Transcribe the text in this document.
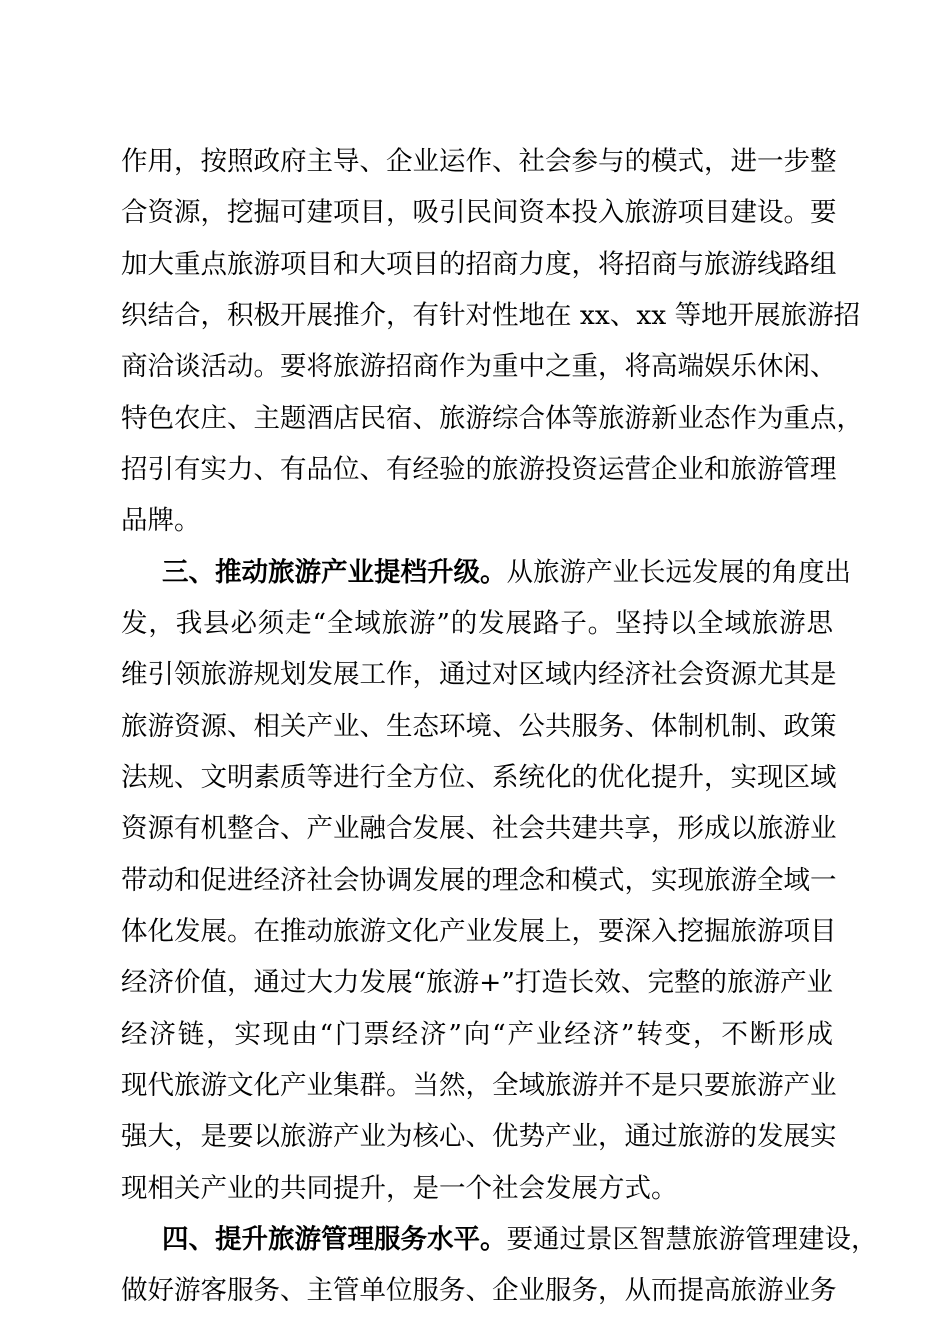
作用，按照政府主导、企业运作、社会参与的模式，进一步整
合资源，挖掘可建项目，吸引民间资本投入旅游项目建设。要
加大重点旅游项目和大项目的招商力度，将招商与旅游线路组
织结合，积极开展推介，有针对性地在 xx、xx 等地开展旅游招
商洽谈活动。要将旅游招商作为重中之重，将高端娱乐休闲、
特色农庄、主题酒店民宿、旅游综合体等旅游新业态作为重点，
招引有实力、有品位、有经验的旅游投资运营企业和旅游管理
品牌。
三、推动旅游产业提档升级。从旅游产业长远发展的角度出
发，我县必须走“全域旅游”的发展路子。坚持以全域旅游思
维引领旅游规划发展工作，通过对区域内经济社会资源尤其是
旅游资源、相关产业、生态环境、公共服务、体制机制、政策
法规、文明素质等进行全方位、系统化的优化提升，实现区域
资源有机整合、产业融合发展、社会共建共享，形成以旅游业
带动和促进经济社会协调发展的理念和模式，实现旅游全域一
体化发展。在推动旅游文化产业发展上，要深入挖掘旅游项目
经济价值，通过大力发展“旅游+”打造长效、完整的旅游产业
经济链，实现由“门票经济”向“产业经济”转变，不断形成
现代旅游文化产业集群。当然，全域旅游并不是只要旅游产业
强大，是要以旅游产业为核心、优势产业，通过旅游的发展实
现相关产业的共同提升，是一个社会发展方式。
四、提升旅游管理服务水平。要通过景区智慧旅游管理建设，
做好游客服务、主管单位服务、企业服务，从而提高旅游业务
